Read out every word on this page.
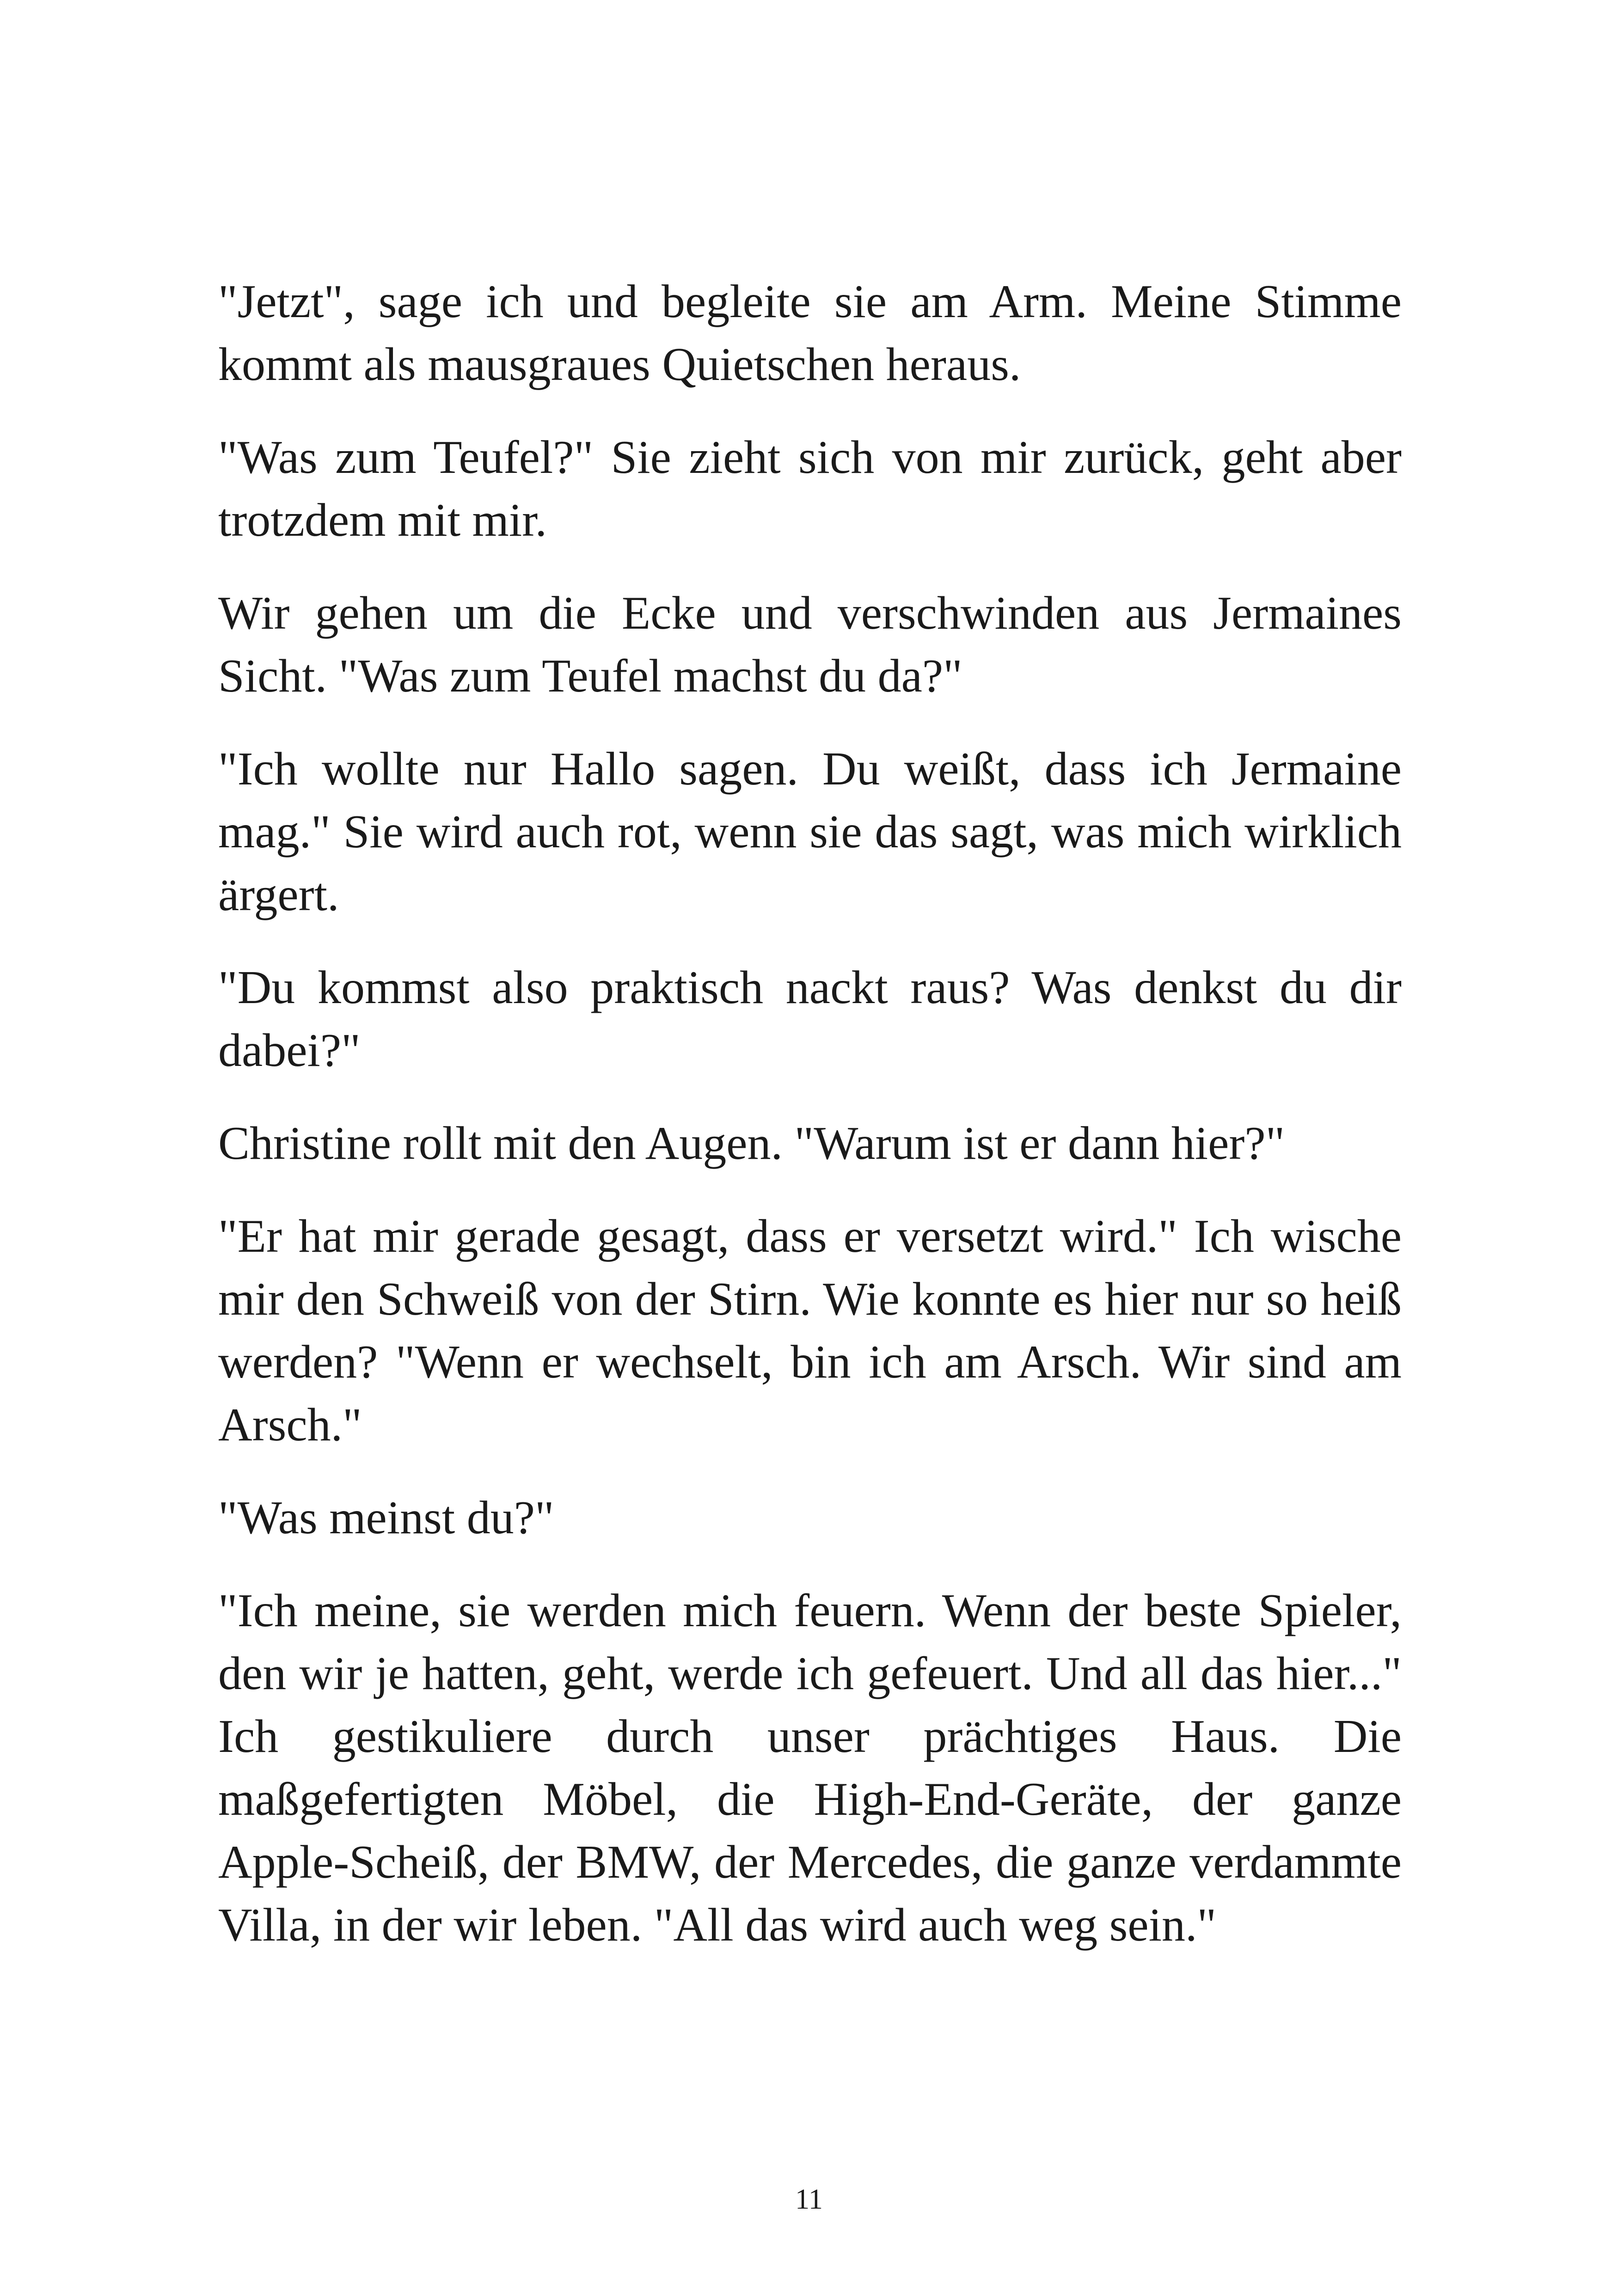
"Jetzt", sage ich und begleite sie am Arm. Meine Stimme kommt als mausgraues Quietschen heraus.

"Was zum Teufel?" Sie zieht sich von mir zurück, geht aber trotzdem mit mir.

Wir gehen um die Ecke und verschwinden aus Jermaines Sicht. "Was zum Teufel machst du da?"

"Ich wollte nur Hallo sagen. Du weißt, dass ich Jermaine mag." Sie wird auch rot, wenn sie das sagt, was mich wirklich ärgert.

"Du kommst also praktisch nackt raus? Was denkst du dir dabei?"

Christine rollt mit den Augen. "Warum ist er dann hier?"

"Er hat mir gerade gesagt, dass er versetzt wird." Ich wische mir den Schweiß von der Stirn. Wie konnte es hier nur so heiß werden? "Wenn er wechselt, bin ich am Arsch. Wir sind am Arsch."

"Was meinst du?"

"Ich meine, sie werden mich feuern. Wenn der beste Spieler, den wir je hatten, geht, werde ich gefeuert. Und all das hier..." Ich gestikuliere durch unser prächtiges Haus. Die maßgefertigten Möbel, die High-End-Geräte, der ganze Apple-Scheiß, der BMW, der Mercedes, die ganze verdammte Villa, in der wir leben. "All das wird auch weg sein."

11
